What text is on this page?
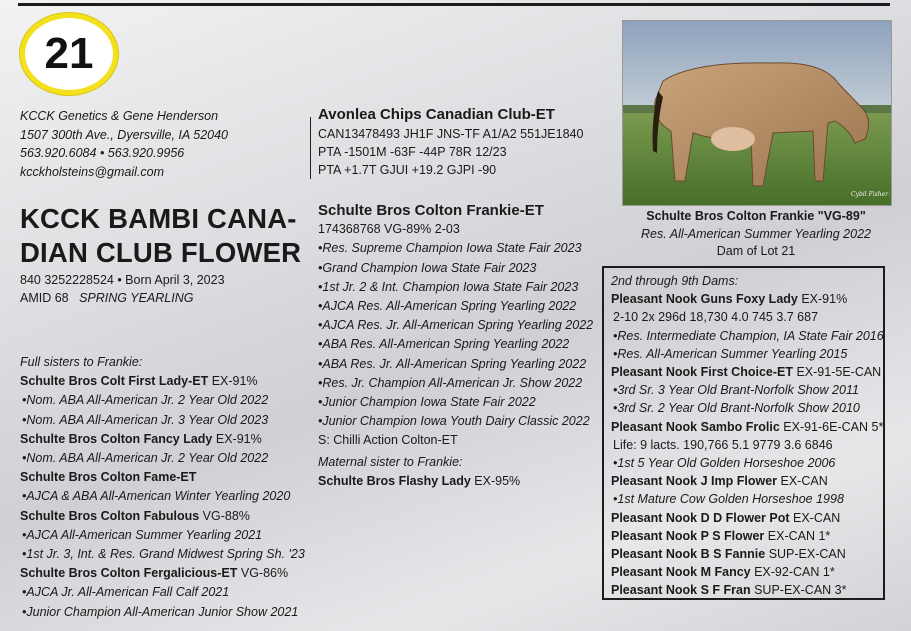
21
KCCK Genetics & Gene Henderson
1507 300th Ave., Dyersville, IA 52040
563.920.6084 • 563.920.9956
kcckholsteins@gmail.com
KCCK BAMBI CANA-
DIAN CLUB FLOWER
840 3252228524 • Born April 3, 2023
AMID 68 SPRING YEARLING
Full sisters to Frankie:
Schulte Bros Colt First Lady-ET EX-91%
•Nom. ABA All-American Jr. 2 Year Old 2022
•Nom. ABA All-American Jr. 3 Year Old 2023
Schulte Bros Colton Fancy Lady EX-91%
•Nom. ABA All-American Jr. 2 Year Old 2022
Schulte Bros Colton Fame-ET
•AJCA & ABA All-American Winter Yearling 2020
Schulte Bros Colton Fabulous VG-88%
•AJCA All-American Summer Yearling 2021
•1st Jr. 3, Int. & Res. Grand Midwest Spring Sh. '23
Schulte Bros Colton Fergalicious-ET VG-86%
•AJCA Jr. All-American Fall Calf 2021
•Junior Champion All-American Junior Show 2021
Avonlea Chips Canadian Club-ET
CAN13478493 JH1F JNS-TF A1/A2 551JE1840
PTA -1501M -63F -44P 78R 12/23
PTA +1.7T GJUI +19.2 GJPI -90
Schulte Bros Colton Frankie-ET
174368768 VG-89% 2-03
•Res. Supreme Champion Iowa State Fair 2023
•Grand Champion Iowa State Fair 2023
•1st Jr. 2 & Int. Champion Iowa State Fair 2023
•AJCA Res. All-American Spring Yearling 2022
•AJCA Res. Jr. All-American Spring Yearling 2022
•ABA Res. All-American Spring Yearling 2022
•ABA Res. Jr. All-American Spring Yearling 2022
•Res. Jr. Champion All-American Jr. Show 2022
•Junior Champion Iowa State Fair 2022
•Junior Champion Iowa Youth Dairy Classic 2022
S: Chilli Action Colton-ET
Maternal sister to Frankie:
Schulte Bros Flashy Lady EX-95%
Cybil Fisher
Schulte Bros Colton Frankie "VG-89"
Res. All-American Summer Yearling 2022
Dam of Lot 21
2nd through 9th Dams:
Pleasant Nook Guns Foxy Lady EX-91%
2-10 2x 296d 18,730 4.0 745 3.7 687
•Res. Intermediate Champion, IA State Fair 2016
•Res. All-American Summer Yearling 2015
Pleasant Nook First Choice-ET EX-91-5E-CAN
•3rd Sr. 3 Year Old Brant-Norfolk Show 2011
•3rd Sr. 2 Year Old Brant-Norfolk Show 2010
Pleasant Nook Sambo Frolic EX-91-6E-CAN 5*
Life: 9 lacts. 190,766 5.1 9779 3.6 6846
•1st 5 Year Old Golden Horseshoe 2006
Pleasant Nook J Imp Flower EX-CAN
•1st Mature Cow Golden Horseshoe 1998
Pleasant Nook D D Flower Pot EX-CAN
Pleasant Nook P S Flower EX-CAN 1*
Pleasant Nook B S Fannie SUP-EX-CAN
Pleasant Nook M Fancy EX-92-CAN 1*
Pleasant Nook S F Fran SUP-EX-CAN 3*
